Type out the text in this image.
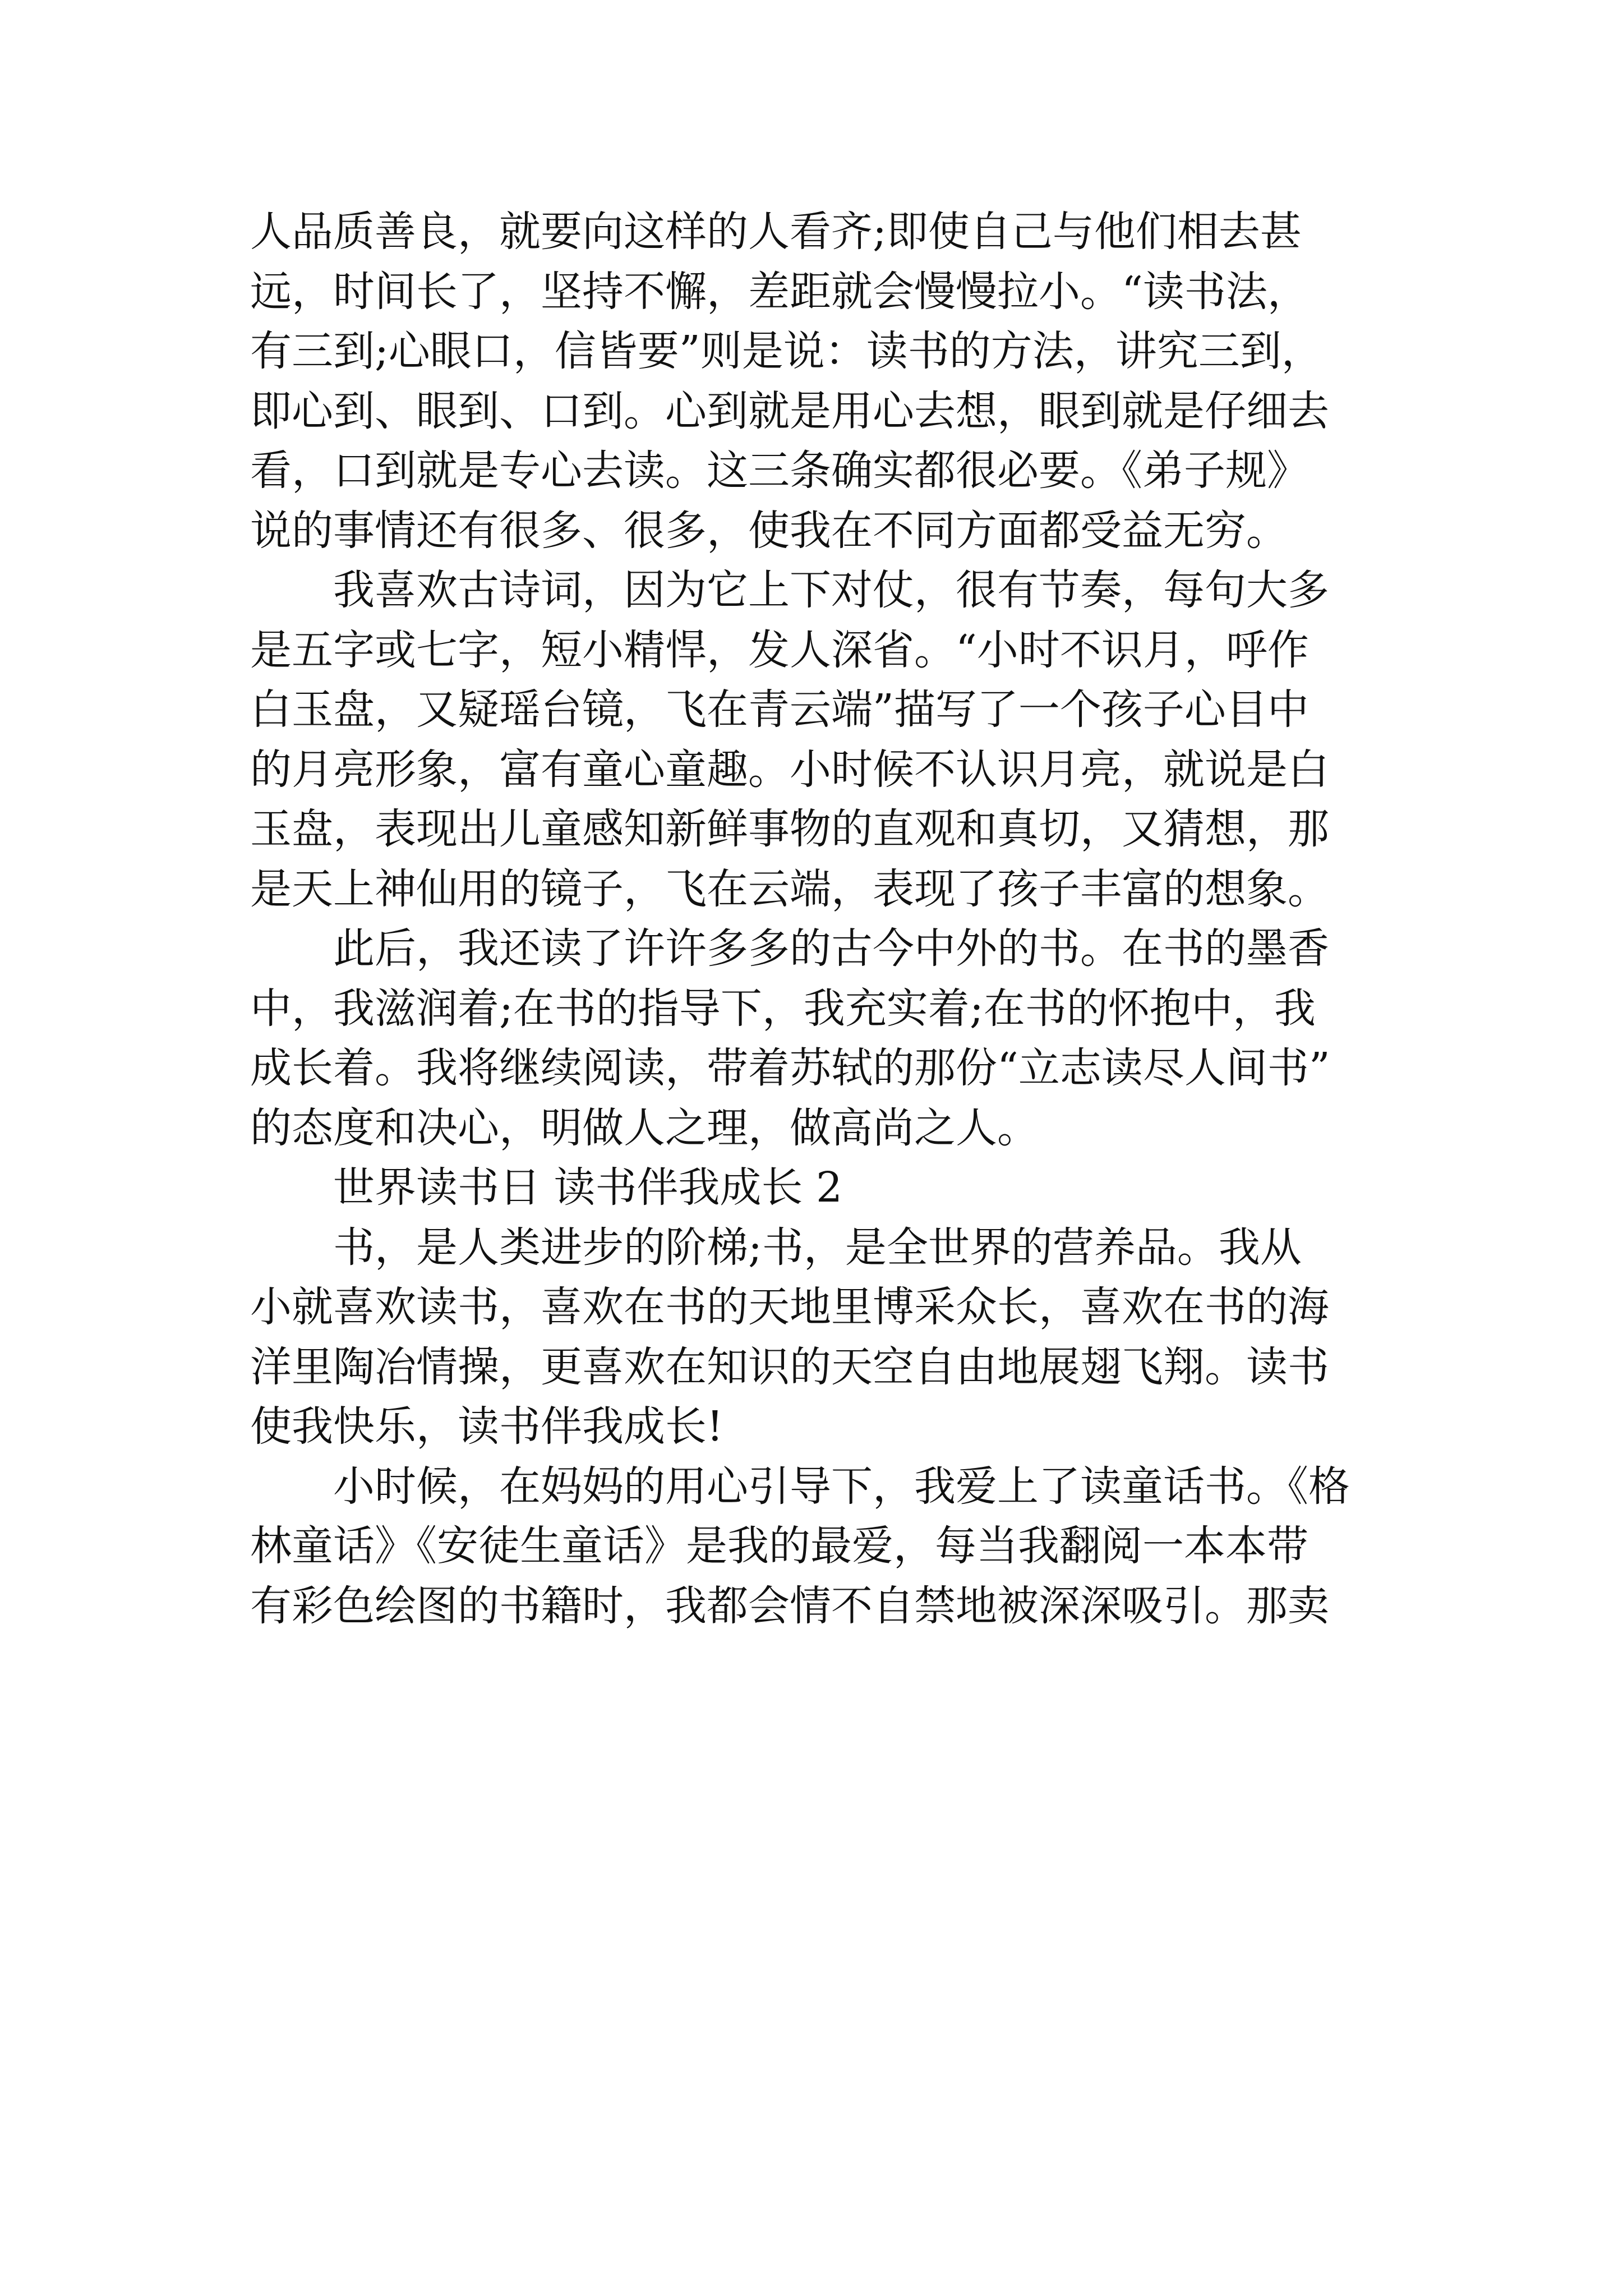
人品质善良，就要向这样的人看齐;即使自己与他们相去甚
远，时间长了，坚持不懈，差距就会慢慢拉小。“读书法，
有三到;心眼口，信皆要”则是说：读书的方法，讲究三到，
即心到、眼到、口到。心到就是用心去想，眼到就是仔细去
看，口到就是专心去读。这三条确实都很必要。《弟子规》
说的事情还有很多、很多，使我在不同方面都受益无穷。
我喜欢古诗词，因为它上下对仗，很有节奏，每句大多
是五字或七字，短小精悍，发人深省。“小时不识月，呼作
白玉盘，又疑瑶台镜，飞在青云端”描写了一个孩子心目中
的月亮形象，富有童心童趣。小时候不认识月亮，就说是白
玉盘，表现出儿童感知新鲜事物的直观和真切，又猜想，那
是天上神仙用的镜子，飞在云端，表现了孩子丰富的想象。
此后，我还读了许许多多的古今中外的书。在书的墨香
中，我滋润着;在书的指导下，我充实着;在书的怀抱中，我
成长着。我将继续阅读，带着苏轼的那份“立志读尽人间书”
的态度和决心，明做人之理，做高尚之人。
世界读书日 读书伴我成长 2
书，是人类进步的阶梯;书，是全世界的营养品。我从
小就喜欢读书，喜欢在书的天地里博采众长，喜欢在书的海
洋里陶冶情操，更喜欢在知识的天空自由地展翅飞翔。读书
使我快乐，读书伴我成长!
小时候，在妈妈的用心引导下，我爱上了读童话书。《格
林童话》《安徒生童话》是我的最爱，每当我翻阅一本本带
有彩色绘图的书籍时，我都会情不自禁地被深深吸引。那卖
